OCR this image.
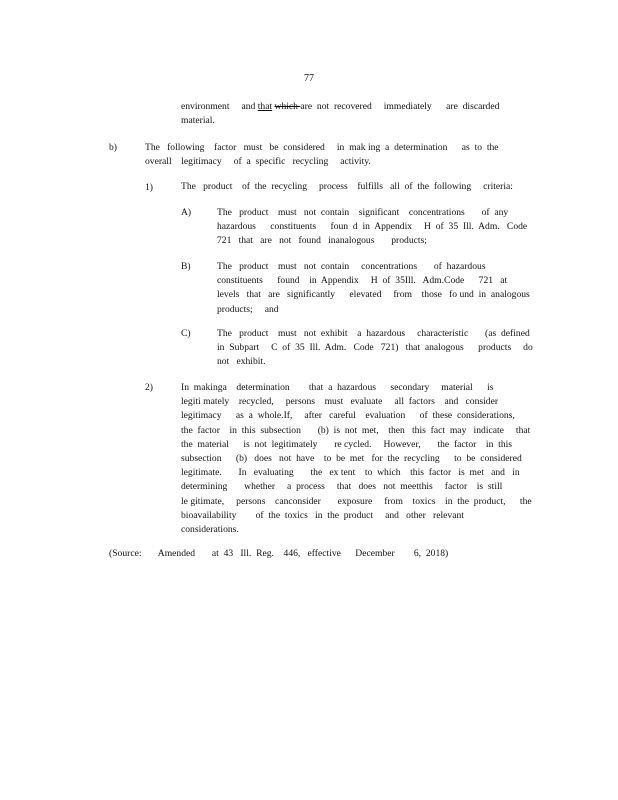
77
environment     and that which are  not  recovered     immediately      are  discarded
material.
b)	The   following    factor   must   be  considered     in  mak ing  a  determination      as  to  the
overall    legitimacy     of  a  specific   recycling     activity.
1)	The   product    of  the  recycling     process    fulfills   all  of  the  following     criteria:
A)	The   product    must   not  contain    significant    concentrations       of  any
hazardous      constituents      foun  d  in  Appendix     H  of  35  Ill.  Adm.   Code
721   that   are   not   found   inanalogous       products;
B)	The   product    must   not  contain     concentrations       of  hazardous
constituents      found    in  Appendix     H  of  35Ill.   Adm.Code      721   at
levels   that   are   significantly      elevated     from    those   fo und  in  analogous
products;     and
C)	The   product    must   not  exhibit    a  hazardous     characteristic       (as  defined
in  Subpart     C  of  35  Ill.  Adm.   Code   721)   that  analogous      products     do
not   exhibit.
2)	In  makinga    determination        that  a  hazardous      secondary     material      is
legiti mately    recycled,     persons    must   evaluate     all  factors    and   consider
legitimacy      as  a  whole.If,     after   careful    evaluation      of  these  considerations,
the  factor    in  this  subsection       (b)  is  not  met,    then   this  fact  may   indicate     that
the  material      is  not  legitimately       re cycled.     However,       the  factor    in  this
subsection      (b)   does   not  have    to  be  met   for  the  recycling      to  be  considered
legitimate.       In   evaluating       the   ex tent    to  which    this  factor   is  met   and   in
determining       whether     a  process     that   does   not  meetthis     factor    is  still
le gitimate,     persons    canconsider       exposure     from    toxics    in  the  product,      the
bioavailability        of  the  toxics   in  the  product     and   other   relevant
considerations.
(Source:       Amended       at  43   Ill.  Reg.    446,   effective      December        6,  2018)
